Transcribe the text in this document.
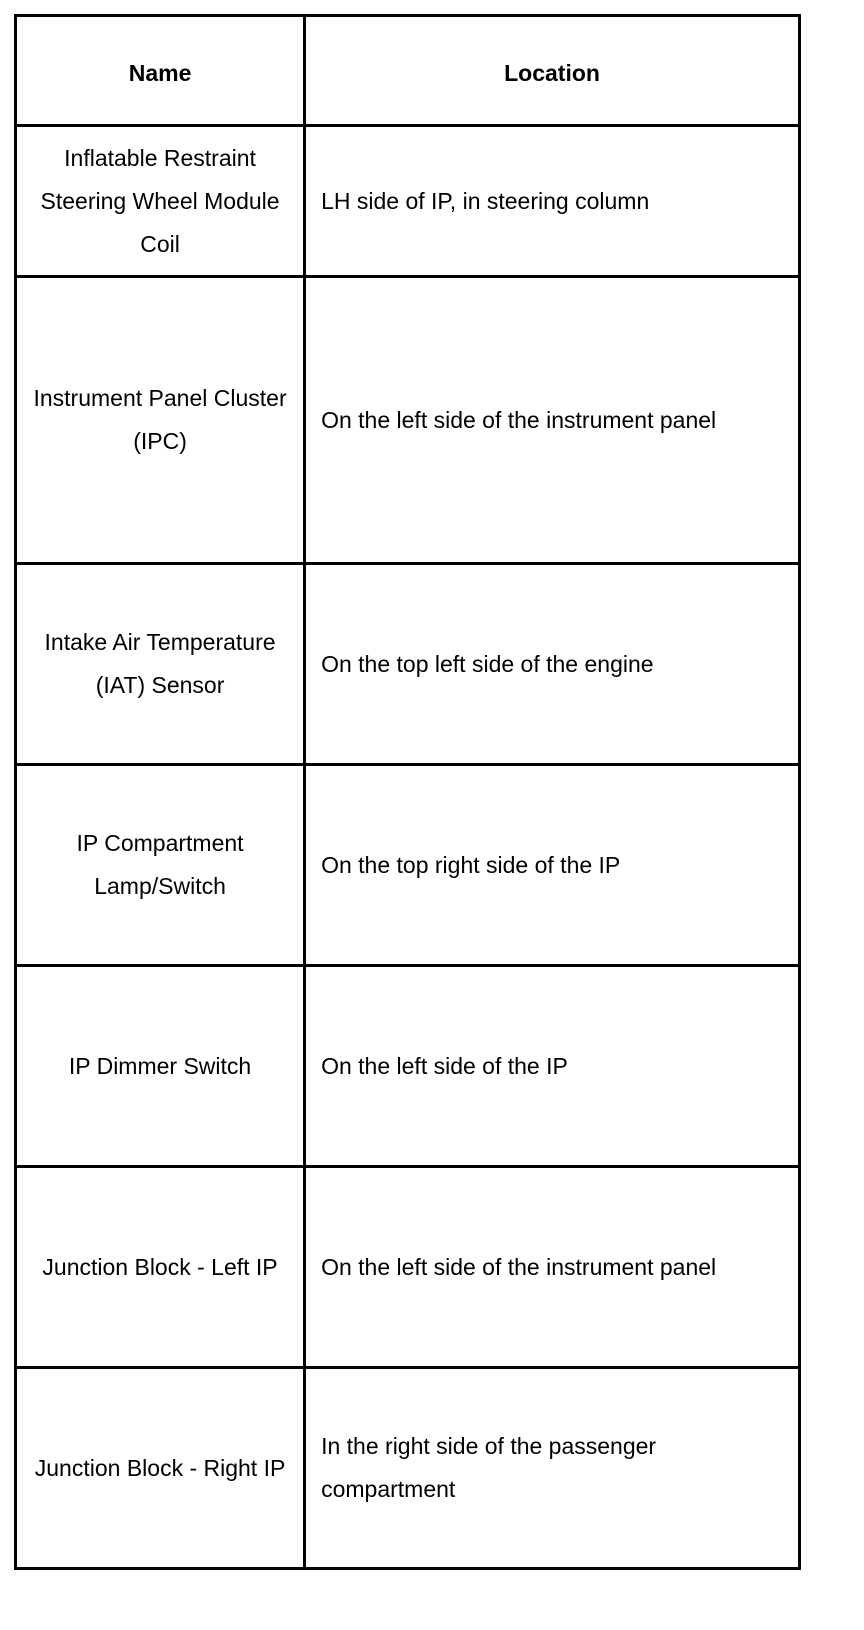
Name	Location

Inflatable Restraint Steering Wheel Module Coil	LH side of IP, in steering column

Instrument Panel Cluster (IPC)	On the left side of the instrument panel

Intake Air Temperature (IAT) Sensor	On the top left side of the engine

IP Compartment Lamp/Switch	On the top right side of the IP

IP Dimmer Switch	On the left side of the IP

Junction Block - Left IP	On the left side of the instrument panel

Junction Block - Right IP	In the right side of the passenger compartment
